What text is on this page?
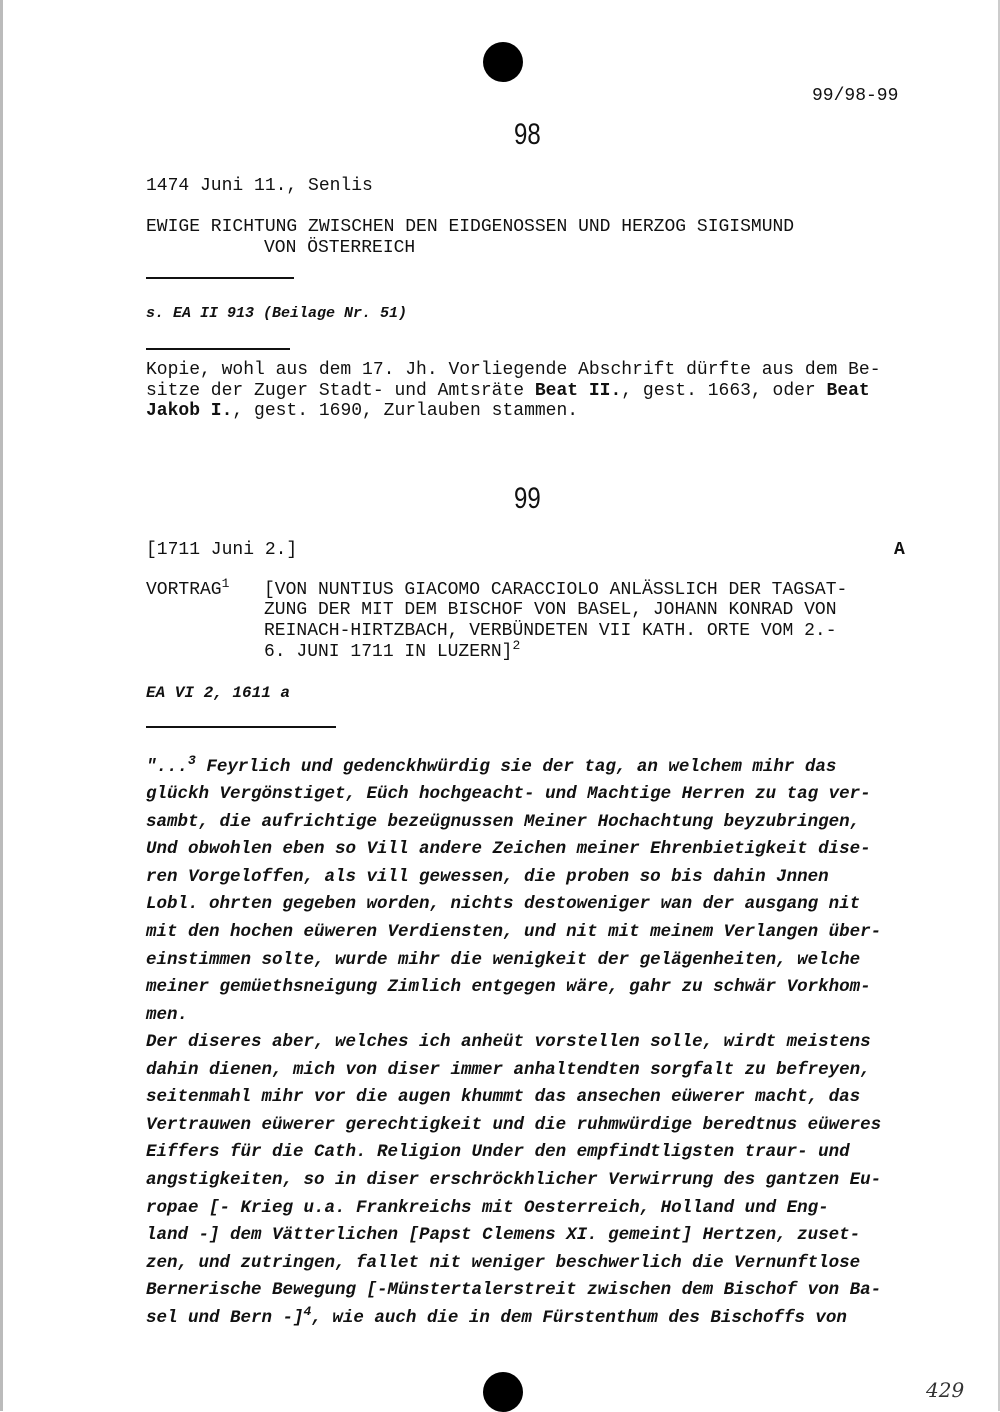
99/98-99
98
1474 Juni 11., Senlis
EWIGE RICHTUNG ZWISCHEN DEN EIDGENOSSEN UND HERZOG SIGISMUND
VON ÖSTERREICH
s. EA II 913 (Beilage Nr. 51)
Kopie, wohl aus dem 17. Jh. Vorliegende Abschrift dürfte aus dem Be-
sitze der Zuger Stadt- und Amtsräte Beat II., gest. 1663, oder Beat
Jakob I., gest. 1690, Zurlauben stammen.
99
[1711 Juni 2.]	A
VORTRAG$^1$ [VON NUNTIUS GIACOMO CARACCIOLO ANLÄSSLICH DER TAGSAT-
ZUNG DER MIT DEM BISCHOF VON BASEL, JOHANN KONRAD VON
REINACH-HIRTZBACH, VERBÜNDETEN VII KATH. ORTE VOM 2.-
6. JUNI 1711 IN LUZERN]$^2$
EA VI 2, 1611 a
"...$^3$ Feyrlich und gedenckhwürdig sie der tag, an welchem mihr das
glückh Vergönstiget, Eüch hochgeacht- und Machtige Herren zu tag ver-
sambt, die aufrichtige bezeügnussen Meiner Hochachtung beyzubringen,
Und obwohlen eben so Vill andere Zeichen meiner Ehrenbietigkeit dise-
ren Vorgeloffen, als vill gewessen, die proben so bis dahin Jnnen
Lobl. ohrten gegeben worden, nichts destoweniger wan der ausgang nit
mit den hochen eüweren Verdiensten, und nit mit meinem Verlangen über-
einstimmen solte, wurde mihr die wenigkeit der gelägenheiten, welche
meiner gemüethsneigung Zimlich entgegen wäre, gahr zu schwär Vorkhom-
men.
Der diseres aber, welches ich anheüt vorstellen solle, wirdt meistens
dahin dienen, mich von diser immer anhaltendten sorgfalt zu befreyen,
seitenmahl mihr vor die augen khummt das ansechen eüwerer macht, das
Vertrauwen eüwerer gerechtigkeit und die ruhmwürdige beredtnus eüweres
Eiffers für die Cath. Religion Under den empfindtligsten traur- und
angstigkeiten, so in diser erschröckhlicher Verwirrung des gantzen Eu-
ropae [- Krieg u.a. Frankreichs mit Oesterreich, Holland und Eng-
land -] dem Vätterlichen [Papst Clemens XI. gemeint] Hertzen, zuset-
zen, und zutringen, fallet nit weniger beschwerlich die Vernunftlose
Bernerische Bewegung [-Münstertalerstreit zwischen dem Bischof von Ba-
sel und Bern -]$^4$, wie auch die in dem Fürstenthum des Bischoffs von
429
